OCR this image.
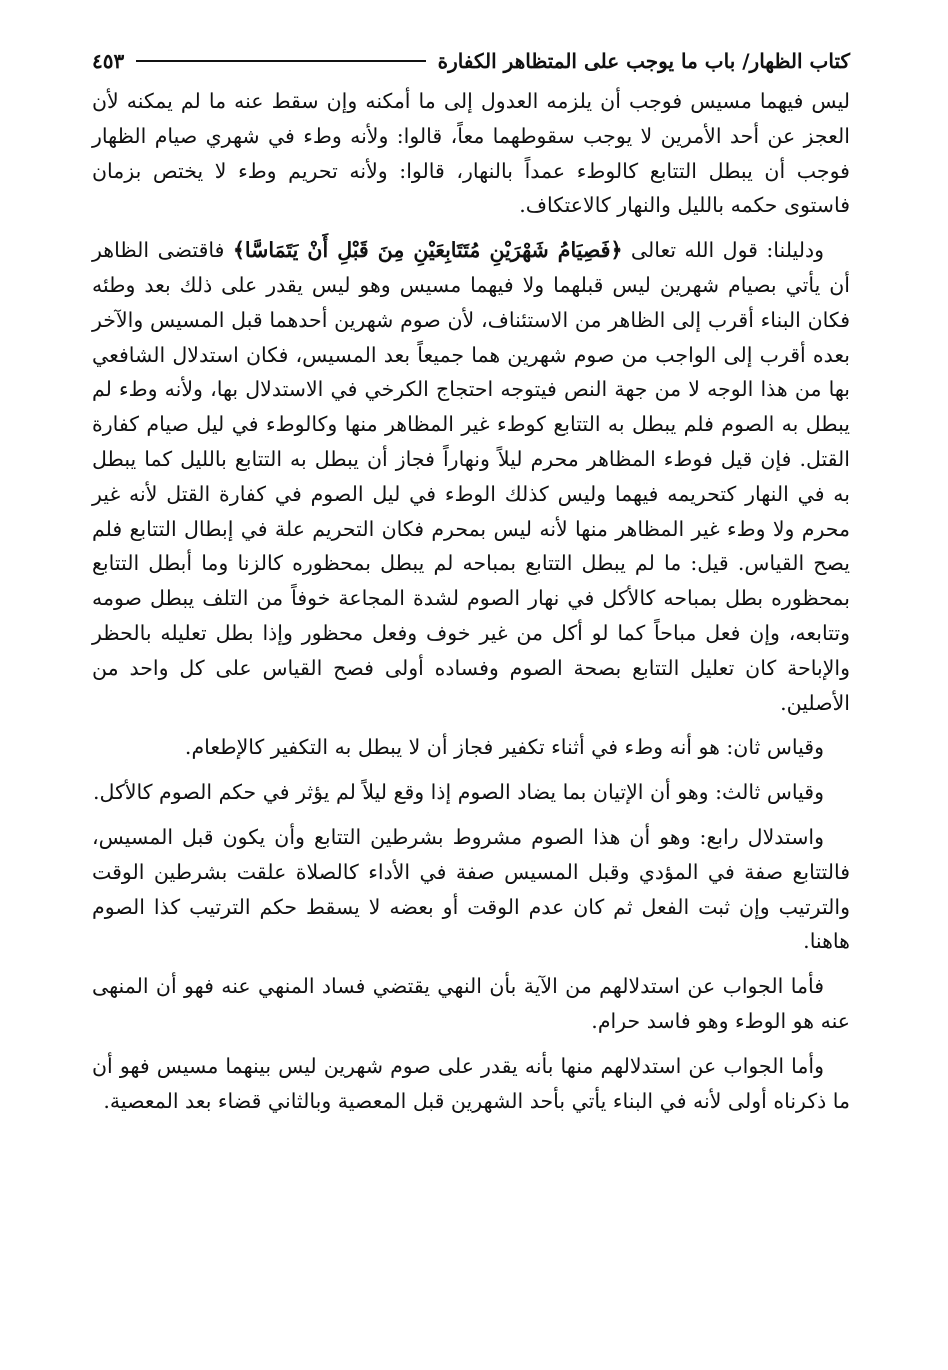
كتاب الظهار/ باب ما يوجب على المتظاهر الكفارة
٤٥٣

ليس فيهما مسيس فوجب أن يلزمه العدول إلى ما أمكنه وإن سقط عنه ما لم يمكنه لأن العجز عن أحد الأمرين لا يوجب سقوطهما معاً، قالوا: ولأنه وطء في شهري صيام الظهار فوجب أن يبطل التتابع كالوطء عمداً بالنهار، قالوا: ولأنه تحريم وطء لا يختص بزمان فاستوى حكمه بالليل والنهار كالاعتكاف.

ودليلنا: قول الله تعالى ﴿فَصِيَامُ شَهْرَيْنِ مُتَتَابِعَيْنِ مِنَ قَبْلِ أَنْ يَتَمَاسَّا﴾ فاقتضى الظاهر أن يأتي بصيام شهرين ليس قبلهما ولا فيهما مسيس وهو ليس يقدر على ذلك بعد وطئه فكان البناء أقرب إلى الظاهر من الاستئناف، لأن صوم شهرين أحدهما قبل المسيس والآخر بعده أقرب إلى الواجب من صوم شهرين هما جميعاً بعد المسيس، فكان استدلال الشافعي بها من هذا الوجه لا من جهة النص فيتوجه احتجاج الكرخي في الاستدلال بها، ولأنه وطء لم يبطل به الصوم فلم يبطل به التتابع كوطء غير المظاهر منها وكالوطء في ليل صيام كفارة القتل. فإن قيل فوطء المظاهر محرم ليلاً ونهاراً فجاز أن يبطل به التتابع بالليل كما يبطل به في النهار كتحريمه فيهما وليس كذلك الوطء في ليل الصوم في كفارة القتل لأنه غير محرم ولا وطء غير المظاهر منها لأنه ليس بمحرم فكان التحريم علة في إبطال التتابع فلم يصح القياس. قيل: ما لم يبطل التتابع بمباحه لم يبطل بمحظوره كالزنا وما أبطل التتابع بمحظوره بطل بمباحه كالأكل في نهار الصوم لشدة المجاعة خوفاً من التلف يبطل صومه وتتابعه، وإن فعل مباحاً كما لو أكل من غير خوف وفعل محظور وإذا بطل تعليله بالحظر والإباحة كان تعليل التتابع بصحة الصوم وفساده أولى فصح القياس على كل واحد من الأصلين.

وقياس ثان: هو أنه وطء في أثناء تكفير فجاز أن لا يبطل به التكفير كالإطعام.

وقياس ثالث: وهو أن الإتيان بما يضاد الصوم إذا وقع ليلاً لم يؤثر في حكم الصوم كالأكل.

واستدلال رابع: وهو أن هذا الصوم مشروط بشرطين التتابع وأن يكون قبل المسيس، فالتتابع صفة في المؤدي وقبل المسيس صفة في الأداء كالصلاة علقت بشرطين الوقت والترتيب وإن ثبت الفعل ثم كان عدم الوقت أو بعضه لا يسقط حكم الترتيب كذا الصوم هاهنا.

فأما الجواب عن استدلالهم من الآية بأن النهي يقتضي فساد المنهي عنه فهو أن المنهى عنه هو الوطء وهو فاسد حرام.

وأما الجواب عن استدلالهم منها بأنه يقدر على صوم شهرين ليس بينهما مسيس فهو أن ما ذكرناه أولى لأنه في البناء يأتي بأحد الشهرين قبل المعصية وبالثاني قضاء بعد المعصية.
